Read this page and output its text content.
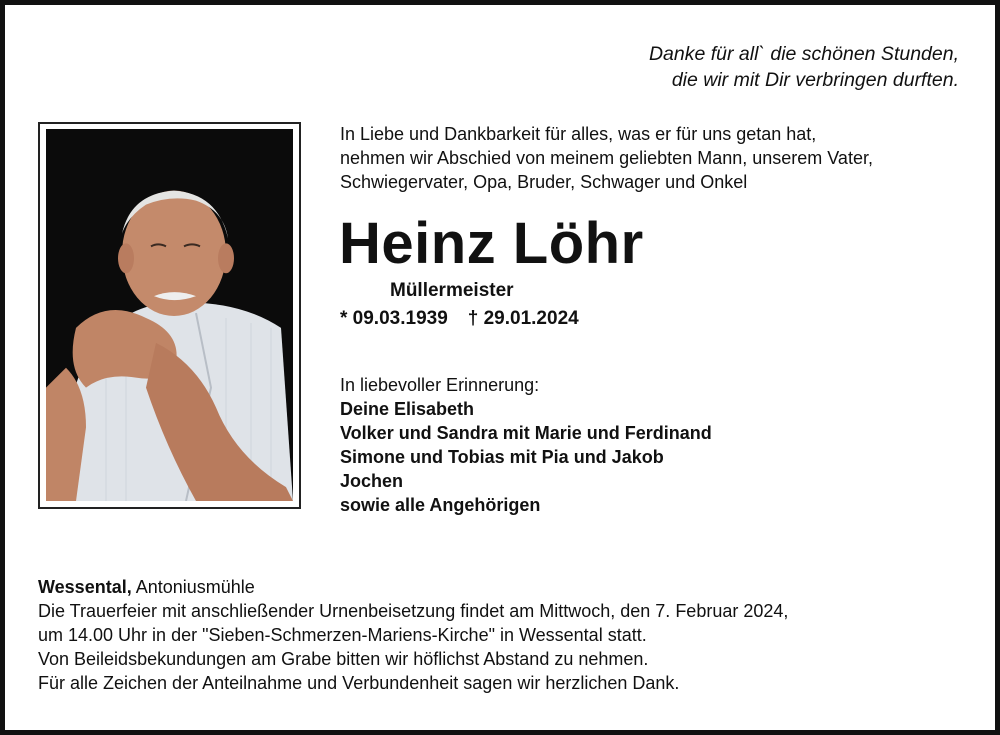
Danke für all` die schönen Stunden,
die wir mit Dir verbringen durften.
In Liebe und Dankbarkeit für alles, was er für uns getan hat,
nehmen wir Abschied von meinem geliebten Mann, unserem Vater,
Schwiegervater, Opa, Bruder, Schwager und Onkel
Heinz Löhr
Müllermeister
* 09.03.1939 † 29.01.2024
In liebevoller Erinnerung:
Deine Elisabeth
Volker und Sandra mit Marie und Ferdinand
Simone und Tobias mit Pia und Jakob
Jochen
sowie alle Angehörigen
Wessental, Antoniusmühle
Die Trauerfeier mit anschließender Urnenbeisetzung findet am Mittwoch, den 7. Februar 2024,
um 14.00 Uhr in der "Sieben-Schmerzen-Mariens-Kirche" in Wessental statt.
Von Beileidsbekundungen am Grabe bitten wir höflichst Abstand zu nehmen.
Für alle Zeichen der Anteilnahme und Verbundenheit sagen wir herzlichen Dank.
